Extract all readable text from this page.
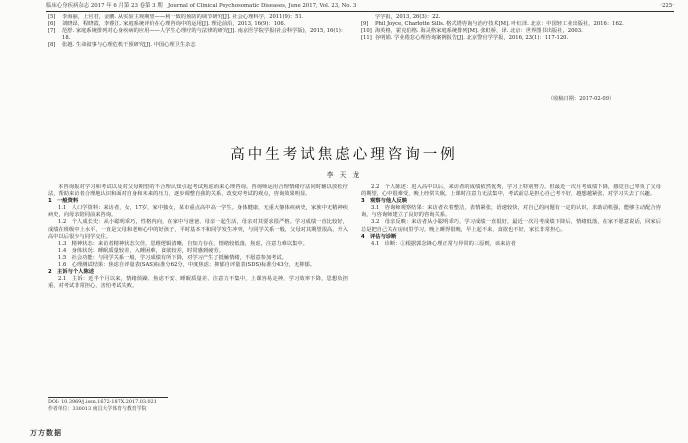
临床心身疾病杂志 2017 年 6 月第 23 卷第 3 期　Journal of Clinical Psychosomatic Diseases, June 2017, Vol. 23, No. 3	·225·
[5]	李海丽，上官君，金鹏. 从实验主观期望——利一致的预防的调节研究[J]. 社会心理科学，2011(9)：51.
[6]	刘晓昂，程晓霞，李睿江. 家庭系统评价在心理咨询中的运用[J]. 理论前沿，2013, 16(9)：106.
[7]	范舒. 家庭系统排列对心身疾病的应用——人学生心理疗的与法律的研究[J]. 南京医学院学报(社会科学版)，2015, 16(1)：18.
[8]	张越. 生命叙事与心理危机干预研究[J]. 中国心理卫生杂志
学学报，2013, 26(3)：22.
[9]	Phil Joyce, Charlotte Sills. 格式塔咨询与治疗技术[M]. 叶红译. 北京：中国轻工业出版社，2016：162.
[10] 海英格，霍克伯格. 海灵格家庭系统排列[M]. 张虹桥，译. 北京：世界图书出版社，2003.
[11] 谷明娟. 学业倦怠心理咨询案例报告[J]. 北京警官学学报，2016, 23(1)：117-120.
（收稿日期：2017-02-09）
高中生考试焦虑心理咨询一例
李 天 龙

本咨询报对学习和考试以及对父母期望的不合理认知引起考试焦虑而来心理咨询。咨询师运用合理情绪疗法同时辅以放松疗法，帮助来访者合理地认识和面对自身和未来的压力，逐步调整自我的关系，改变对考试的观点，咨询效果明显。

1　一般资料

1.1　人口学资料：来访者，女，17岁，家中独女，某市重点高中高一学生。身体健康，无重大躯体疾病史，家族中无精神疾病史，向母亲陪同前来咨询。

1.2　个人成长史：从小聪明乖巧，性格内向，在家中与爸爸、母亲一起生活，母亲对其要求很严格。学习成绩一直比较好，成绩在班级中上水平，一直是父母和老师心中的好孩子，平时基本不和同学发生冲突，与同学关系一般，父母对其期望很高，升入高中以后很少与同学交往。

1.3　精神状态：来访者精神状态欠佳，思维逻辑清晰，自知力存在，情绪较低落，焦虑，注意力难以集中。

1.4　身体状况：睡眠质量较差，入睡困难，食欲较差，时常感到疲劳。

1.5　社会功能：与同学关系一般，学习成绩有所下降，对学习产生了抵触情绪，不愿意参加考试。

1.6　心理测试结果：焦虑自评量表(SAS)标准分62分，中度焦虑；抑郁自评量表(SDS)标准分43分，无抑郁。

2　主诉与个人陈述

2.1　主诉：近半个月以来，情绪烦躁、焦虑不安、睡眠质量差、注意力不集中，上课容易走神，学习效率下降，思想负担重，对考试非常担心，害怕考试失败。

2.2　个人陈述：进入高中以后，来访者的成绩依然优秀，学习上特别努力，但最近一次月考成绩下降，感觉自己辜负了父母的期望，心中很难受，晚上经常失眠，上课时注意力无法集中，考试前总是担心自己考不好，越想越紧张，对学习失去了兴趣。

3　观察与他人反映

3.1　咨询师观察结果：来访者衣着整洁，表情紧张，语速较快，对自己的问题有一定的认识，求助动机强，能够主动配合咨询，与咨询师建立了良好的咨询关系。

3.2　母亲反映：来访者从小聪明乖巧，学习成绩一直很好，最近一次月考成绩下降后，情绪低落，在家不愿意说话，回家后总是把自己关在房间里学习，晚上睡得很晚，早上起不来，食欲也不好，家长非常担心。

4　评估与诊断

4.1　诊断：①根据郭念锋心理正常与异常的三原则，该来访者

DOI: 10.3969/j.issn.1672-187X.2017.03.021
作者单位：330013 南昌大学体育与教育学院
万方数据
